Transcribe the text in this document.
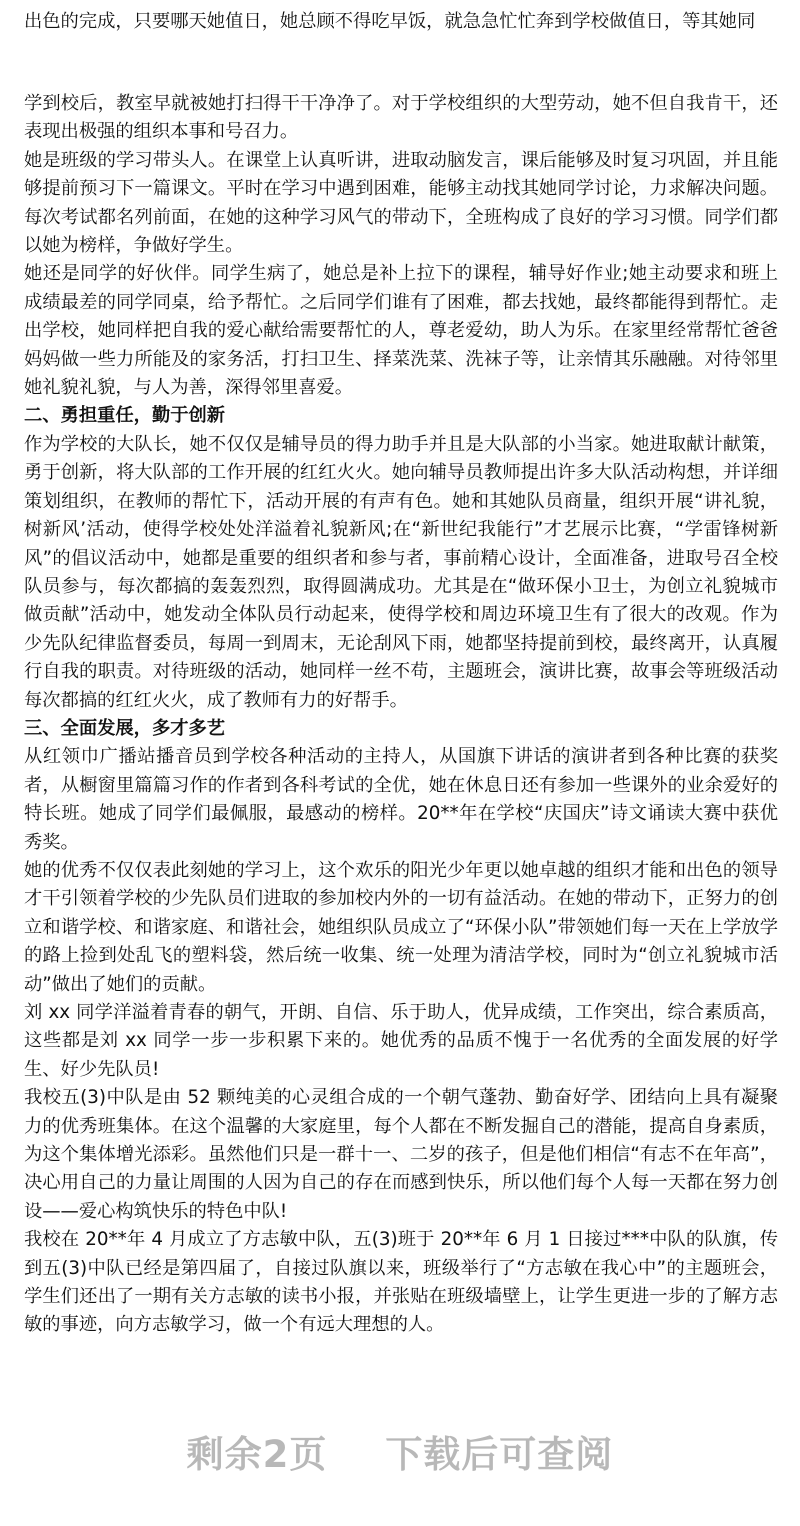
出色的完成，只要哪天她值日，她总顾不得吃早饭，就急急忙忙奔到学校做值日，等其她同

学到校后，教室早就被她打扫得干干净净了。对于学校组织的大型劳动，她不但自我肯干，还表现出极强的组织本事和号召力。

她是班级的学习带头人。在课堂上认真听讲，进取动脑发言，课后能够及时复习巩固，并且能够提前预习下一篇课文。平时在学习中遇到困难，能够主动找其她同学讨论，力求解决问题。每次考试都名列前面，在她的这种学习风气的带动下，全班构成了良好的学习习惯。同学们都以她为榜样，争做好学生。

她还是同学的好伙伴。同学生病了，她总是补上拉下的课程，辅导好作业;她主动要求和班上成绩最差的同学同桌，给予帮忙。之后同学们谁有了困难，都去找她，最终都能得到帮忙。走出学校，她同样把自我的爱心献给需要帮忙的人，尊老爱幼，助人为乐。在家里经常帮忙爸爸妈妈做一些力所能及的家务活，打扫卫生、择菜洗菜、洗袜子等，让亲情其乐融融。对待邻里她礼貌礼貌，与人为善，深得邻里喜爱。

二、勇担重任，勤于创新

作为学校的大队长，她不仅仅是辅导员的得力助手并且是大队部的小当家。她进取献计献策，勇于创新，将大队部的工作开展的红红火火。她向辅导员教师提出许多大队活动构想，并详细策划组织，在教师的帮忙下，活动开展的有声有色。她和其她队员商量，组织开展“讲礼貌，树新风’活动，使得学校处处洋溢着礼貌新风;在“新世纪我能行”才艺展示比赛，“学雷锋树新风”的倡议活动中，她都是重要的组织者和参与者，事前精心设计，全面准备，进取号召全校队员参与，每次都搞的轰轰烈烈，取得圆满成功。尤其是在“做环保小卫士，为创立礼貌城市做贡献”活动中，她发动全体队员行动起来，使得学校和周边环境卫生有了很大的改观。作为少先队纪律监督委员，每周一到周末，无论刮风下雨，她都坚持提前到校，最终离开，认真履行自我的职责。对待班级的活动，她同样一丝不苟，主题班会，演讲比赛，故事会等班级活动每次都搞的红红火火，成了教师有力的好帮手。

三、全面发展，多才多艺

从红领巾广播站播音员到学校各种活动的主持人，从国旗下讲话的演讲者到各种比赛的获奖者，从橱窗里篇篇习作的作者到各科考试的全优，她在休息日还有参加一些课外的业余爱好的特长班。她成了同学们最佩服，最感动的榜样。20**年在学校“庆国庆”诗文诵读大赛中获优秀奖。

她的优秀不仅仅表此刻她的学习上，这个欢乐的阳光少年更以她卓越的组织才能和出色的领导才干引领着学校的少先队员们进取的参加校内外的一切有益活动。在她的带动下，正努力的创立和谐学校、和谐家庭、和谐社会，她组织队员成立了“环保小队”带领她们每一天在上学放学的路上捡到处乱飞的塑料袋，然后统一收集、统一处理为清洁学校，同时为“创立礼貌城市活动”做出了她们的贡献。

刘 xx 同学洋溢着青春的朝气，开朗、自信、乐于助人，优异成绩，工作突出，综合素质高，这些都是刘 xx 同学一步一步积累下来的。她优秀的品质不愧于一名优秀的全面发展的好学生、好少先队员!

我校五(3)中队是由 52 颗纯美的心灵组合成的一个朝气蓬勃、勤奋好学、团结向上具有凝聚力的优秀班集体。在这个温馨的大家庭里，每个人都在不断发掘自己的潜能，提高自身素质，为这个集体增光添彩。虽然他们只是一群十一、二岁的孩子，但是他们相信“有志不在年高”，决心用自己的力量让周围的人因为自己的存在而感到快乐，所以他们每个人每一天都在努力创设——爱心构筑快乐的特色中队!

我校在 20**年 4 月成立了方志敏中队，五(3)班于 20**年 6 月 1 日接过***中队的队旗，传到五(3)中队已经是第四届了，自接过队旗以来，班级举行了“方志敏在我心中”的主题班会，学生们还出了一期有关方志敏的读书小报，并张贴在班级墙壁上，让学生更进一步的了解方志敏的事迹，向方志敏学习，做一个有远大理想的人。

剩余2页 下载后可查阅
